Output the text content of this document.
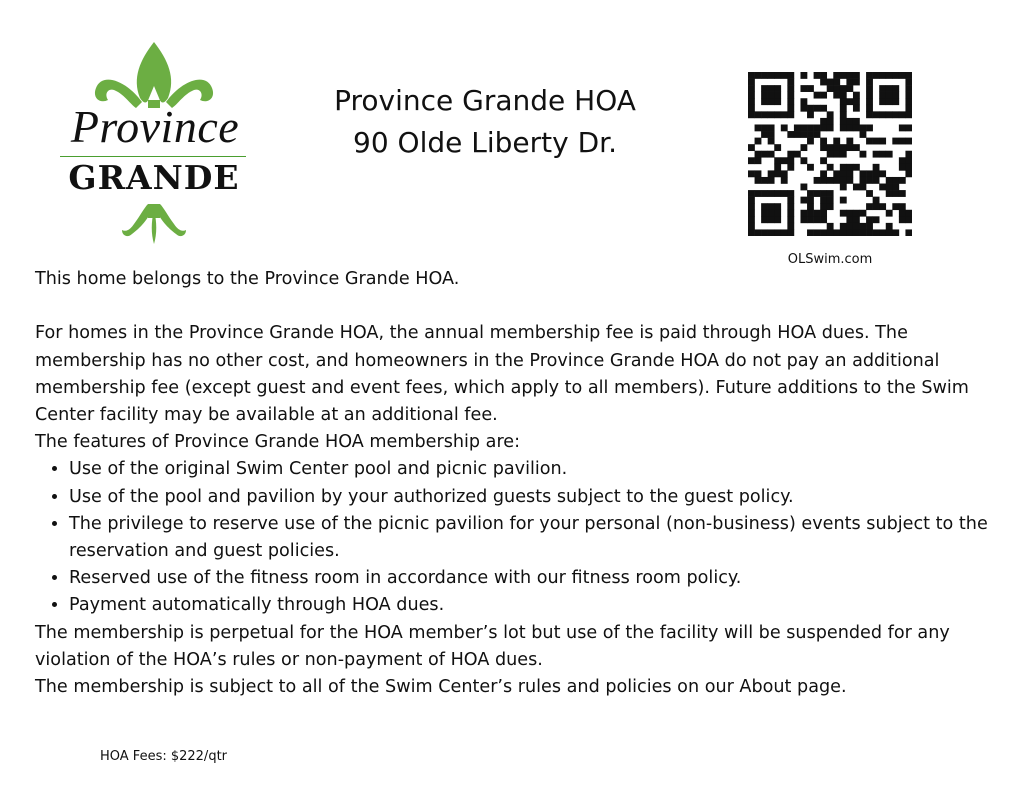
Province
GRANDE
Province Grande HOA
90 Olde Liberty Dr.
OLSwim.com

This home belongs to the Province Grande HOA.

For homes in the Province Grande HOA, the annual membership fee is paid through HOA dues. The membership has no other cost, and homeowners in the Province Grande HOA do not pay an additional membership fee (except guest and event fees, which apply to all members). Future additions to the Swim Center facility may be available at an additional fee.

The features of Province Grande HOA membership are:

• Use of the original Swim Center pool and picnic pavilion.
• Use of the pool and pavilion by your authorized guests subject to the guest policy.
• The privilege to reserve use of the picnic pavilion for your personal (non-business) events subject to the reservation and guest policies.
• Reserved use of the fitness room in accordance with our fitness room policy.
• Payment automatically through HOA dues.

The membership is perpetual for the HOA member’s lot but use of the facility will be suspended for any violation of the HOA’s rules or non-payment of HOA dues.

The membership is subject to all of the Swim Center’s rules and policies on our About page.

HOA Fees: $222/qtr
